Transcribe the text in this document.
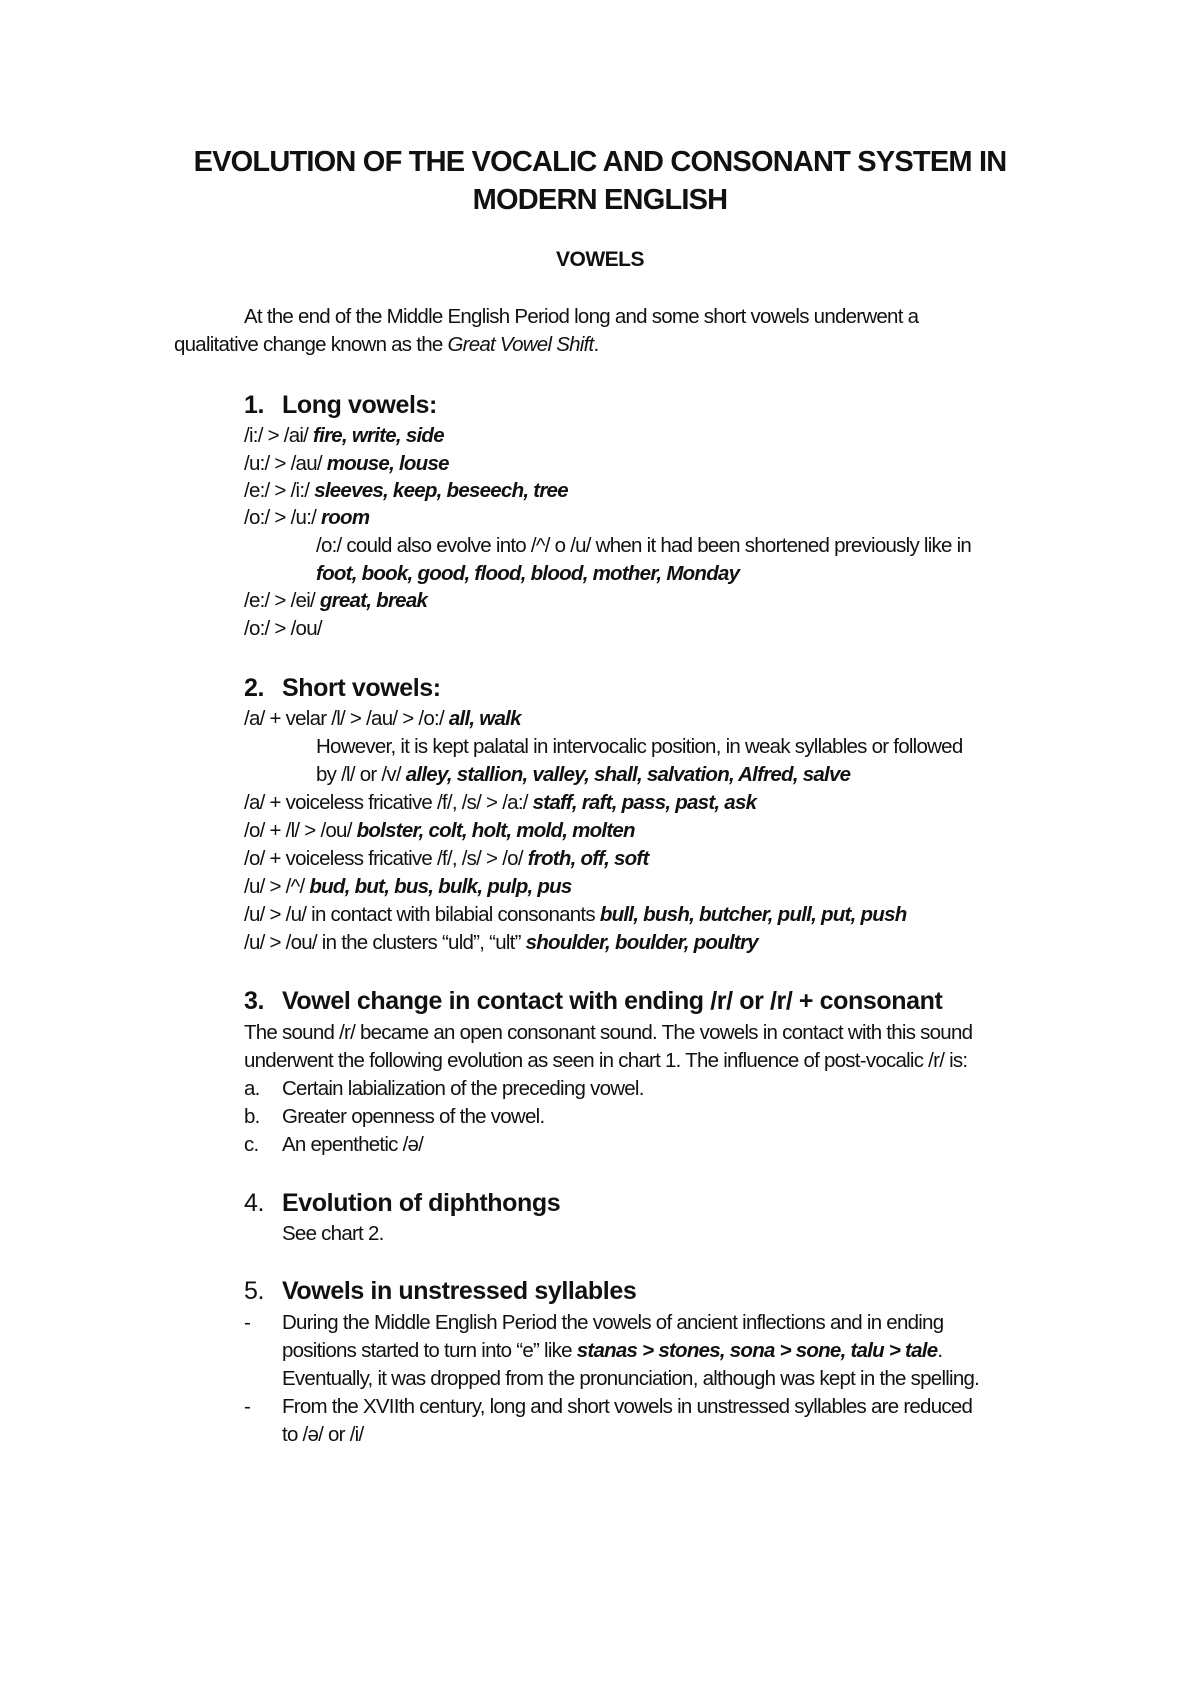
EVOLUTION OF THE VOCALIC AND CONSONANT SYSTEM IN
MODERN ENGLISH
VOWELS
At the end of the Middle English Period long and some short vowels underwent a
qualitative change known as the Great Vowel Shift.
1. Long vowels:
/i:/ > /ai/ fire, write, side
/u:/ > /au/ mouse, louse
/e:/ > /i:/ sleeves, keep, beseech, tree
/o:/ > /u:/ room
/o:/ could also evolve into /^/ o /u/ when it had been shortened previously like in
foot, book, good, flood, blood, mother, Monday
/e:/ > /ei/ great, break
/o:/ > /ou/
2. Short vowels:
/a/ + velar /l/ > /au/ > /o:/ all, walk
However, it is kept palatal in intervocalic position, in weak syllables or followed
by /l/ or /v/ alley, stallion, valley, shall, salvation, Alfred, salve
/a/ + voiceless fricative /f/, /s/ > /a:/ staff, raft, pass, past, ask
/o/ + /l/ > /ou/ bolster, colt, holt, mold, molten
/o/ + voiceless fricative /f/, /s/ > /o/ froth, off, soft
/u/ > /^/ bud, but, bus, bulk, pulp, pus
/u/ > /u/ in contact with bilabial consonants bull, bush, butcher, pull, put, push
/u/ > /ou/ in the clusters “uld”, “ult” shoulder, boulder, poultry
3. Vowel change in contact with ending /r/ or /r/ + consonant
The sound /r/ became an open consonant sound. The vowels in contact with this sound
underwent the following evolution as seen in chart 1. The influence of post-vocalic /r/ is:
a. Certain labialization of the preceding vowel.
b. Greater openness of the vowel.
c. An epenthetic /ə/
4. Evolution of diphthongs
See chart 2.
5. Vowels in unstressed syllables
- During the Middle English Period the vowels of ancient inflections and in ending
positions started to turn into “e” like stanas > stones, sona > sone, talu > tale.
Eventually, it was dropped from the pronunciation, although was kept in the spelling.
- From the XVIIth century, long and short vowels in unstressed syllables are reduced
to /ə/ or /i/
